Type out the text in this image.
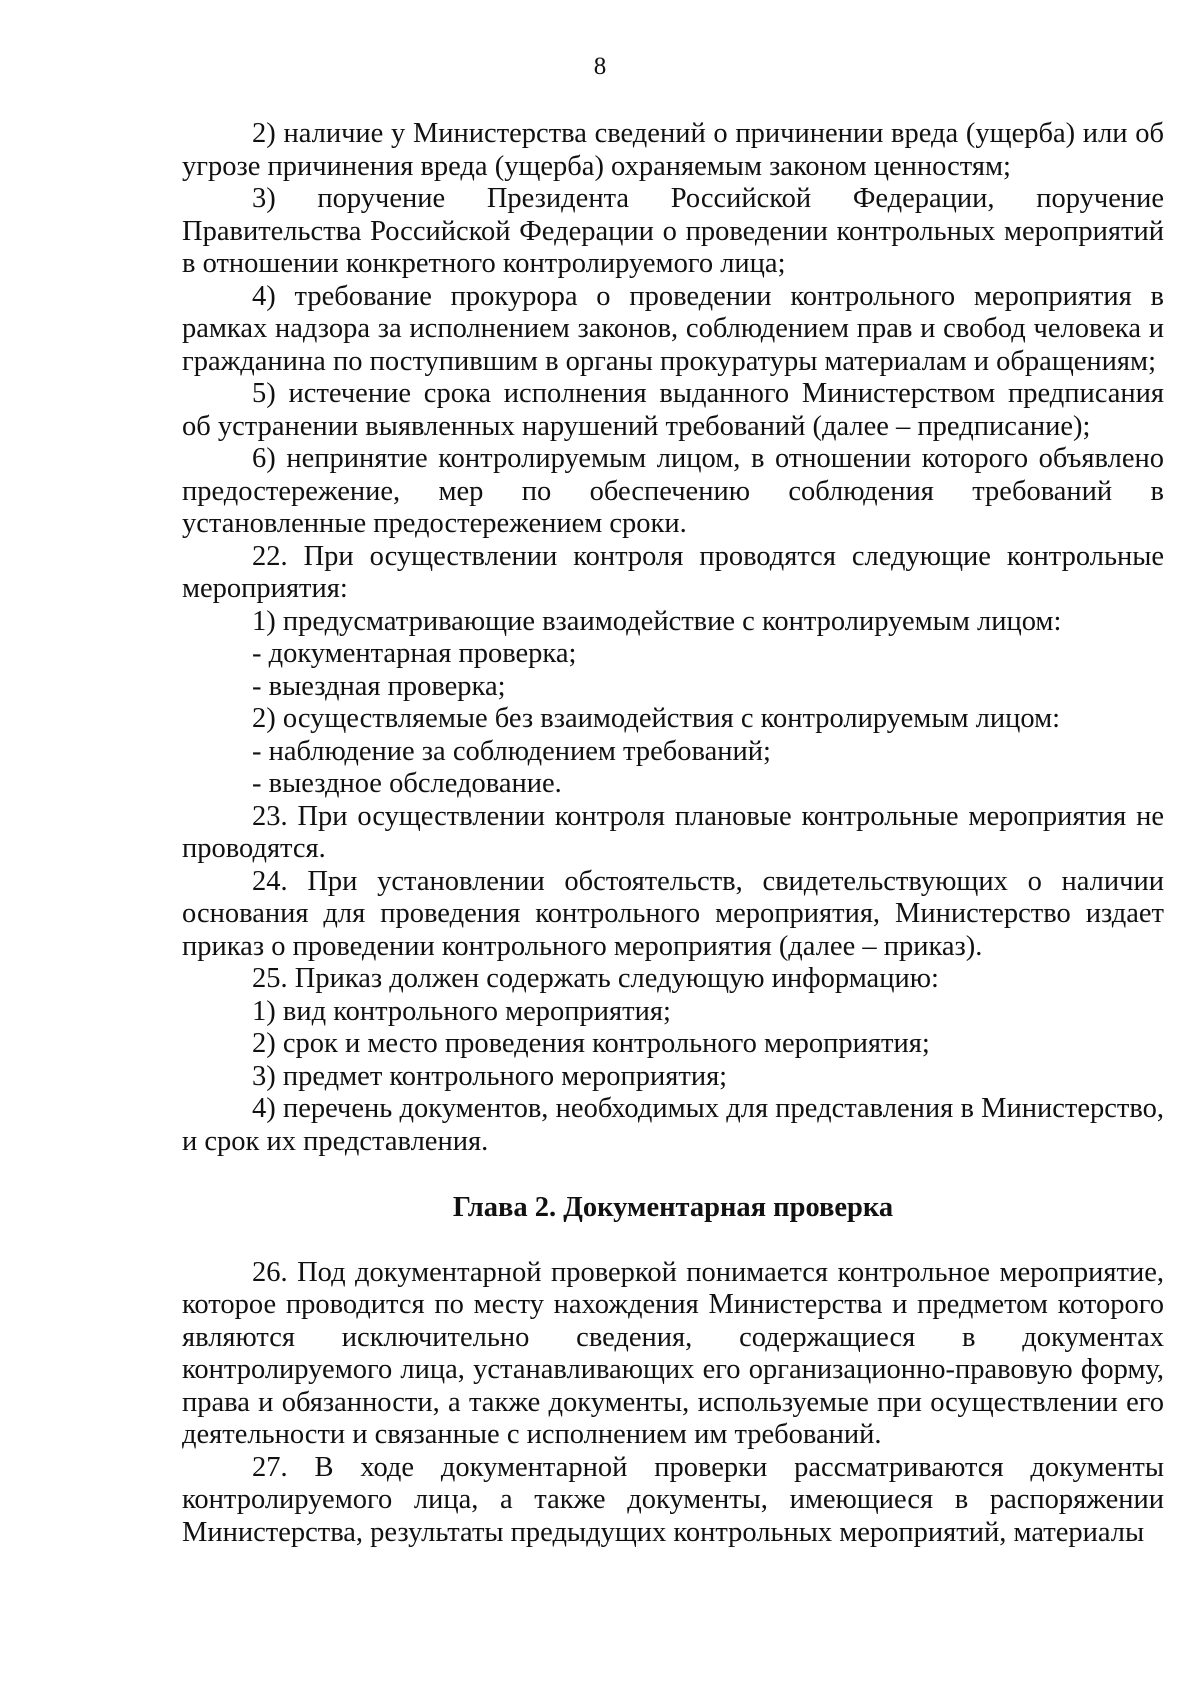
8

2) наличие у Министерства сведений о причинении вреда (ущерба) или об угрозе причинения вреда (ущерба) охраняемым законом ценностям;

3) поручение Президента Российской Федерации, поручение Правительства Российской Федерации о проведении контрольных мероприятий в отношении конкретного контролируемого лица;

4) требование прокурора о проведении контрольного мероприятия в рамках надзора за исполнением законов, соблюдением прав и свобод человека и гражданина по поступившим в органы прокуратуры материалам и обращениям;

5) истечение срока исполнения выданного Министерством предписания об устранении выявленных нарушений требований (далее – предписание);

6) непринятие контролируемым лицом, в отношении которого объявлено предостережение, мер по обеспечению соблюдения требований в установленные предостережением сроки.

22. При осуществлении контроля проводятся следующие контрольные мероприятия:

1) предусматривающие взаимодействие с контролируемым лицом:

- документарная проверка;

- выездная проверка;

2) осуществляемые без взаимодействия с контролируемым лицом:

- наблюдение за соблюдением требований;

- выездное обследование.

23. При осуществлении контроля плановые контрольные мероприятия не проводятся.

24. При установлении обстоятельств, свидетельствующих о наличии основания для проведения контрольного мероприятия, Министерство издает приказ о проведении контрольного мероприятия (далее – приказ).

25. Приказ должен содержать следующую информацию:

1) вид контрольного мероприятия;

2) срок и место проведения контрольного мероприятия;

3) предмет контрольного мероприятия;

4) перечень документов, необходимых для представления в Министерство, и срок их представления.

Глава 2. Документарная проверка

26. Под документарной проверкой понимается контрольное мероприятие, которое проводится по месту нахождения Министерства и предметом которого являются исключительно сведения, содержащиеся в документах контролируемого лица, устанавливающих его организационно-правовую форму, права и обязанности, а также документы, используемые при осуществлении его деятельности и связанные с исполнением им требований.

27. В ходе документарной проверки рассматриваются документы контролируемого лица, а также документы, имеющиеся в распоряжении Министерства, результаты предыдущих контрольных мероприятий, материалы
